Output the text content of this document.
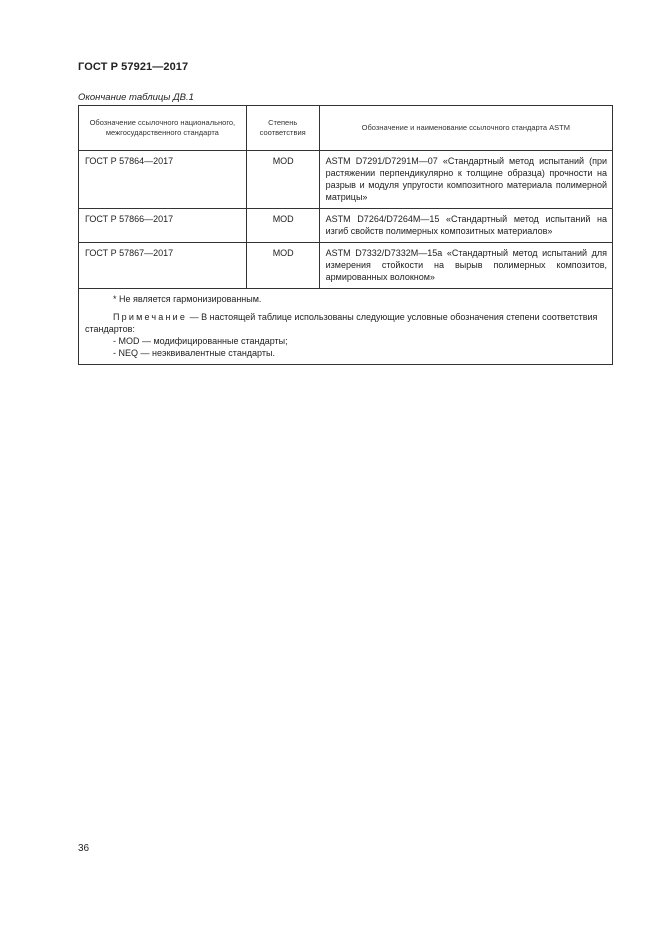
ГОСТ Р 57921—2017

Окончание таблицы ДВ.1
Обозначение ссылочного национального, межгосударственного стандарта	Степень соответствия	Обозначение и наименование ссылочного стандарта ASTM
ГОСТ Р 57864—2017	MOD	ASTM D7291/D7291M—07 «Стандартный метод испытаний (при растяжении перпендикулярно к толщине образца) прочности на разрыв и модуля упругости композитного материала полимерной матрицы»
ГОСТ Р 57866—2017	MOD	ASTM D7264/D7264M—15 «Стандартный метод испытаний на изгиб свойств полимерных композитных материалов»
ГОСТ Р 57867—2017	MOD	ASTM D7332/D7332M—15a «Стандартный метод испытаний для измерения стойкости на вырыв полимерных композитов, армированных волокном»

* Не является гармонизированным.

Примечание — В настоящей таблице использованы следующие условные обозначения степени соответствия стандартов:

- MOD — модифицированные стандарты;

- NEQ — неэквивалентные стандарты.		

36
